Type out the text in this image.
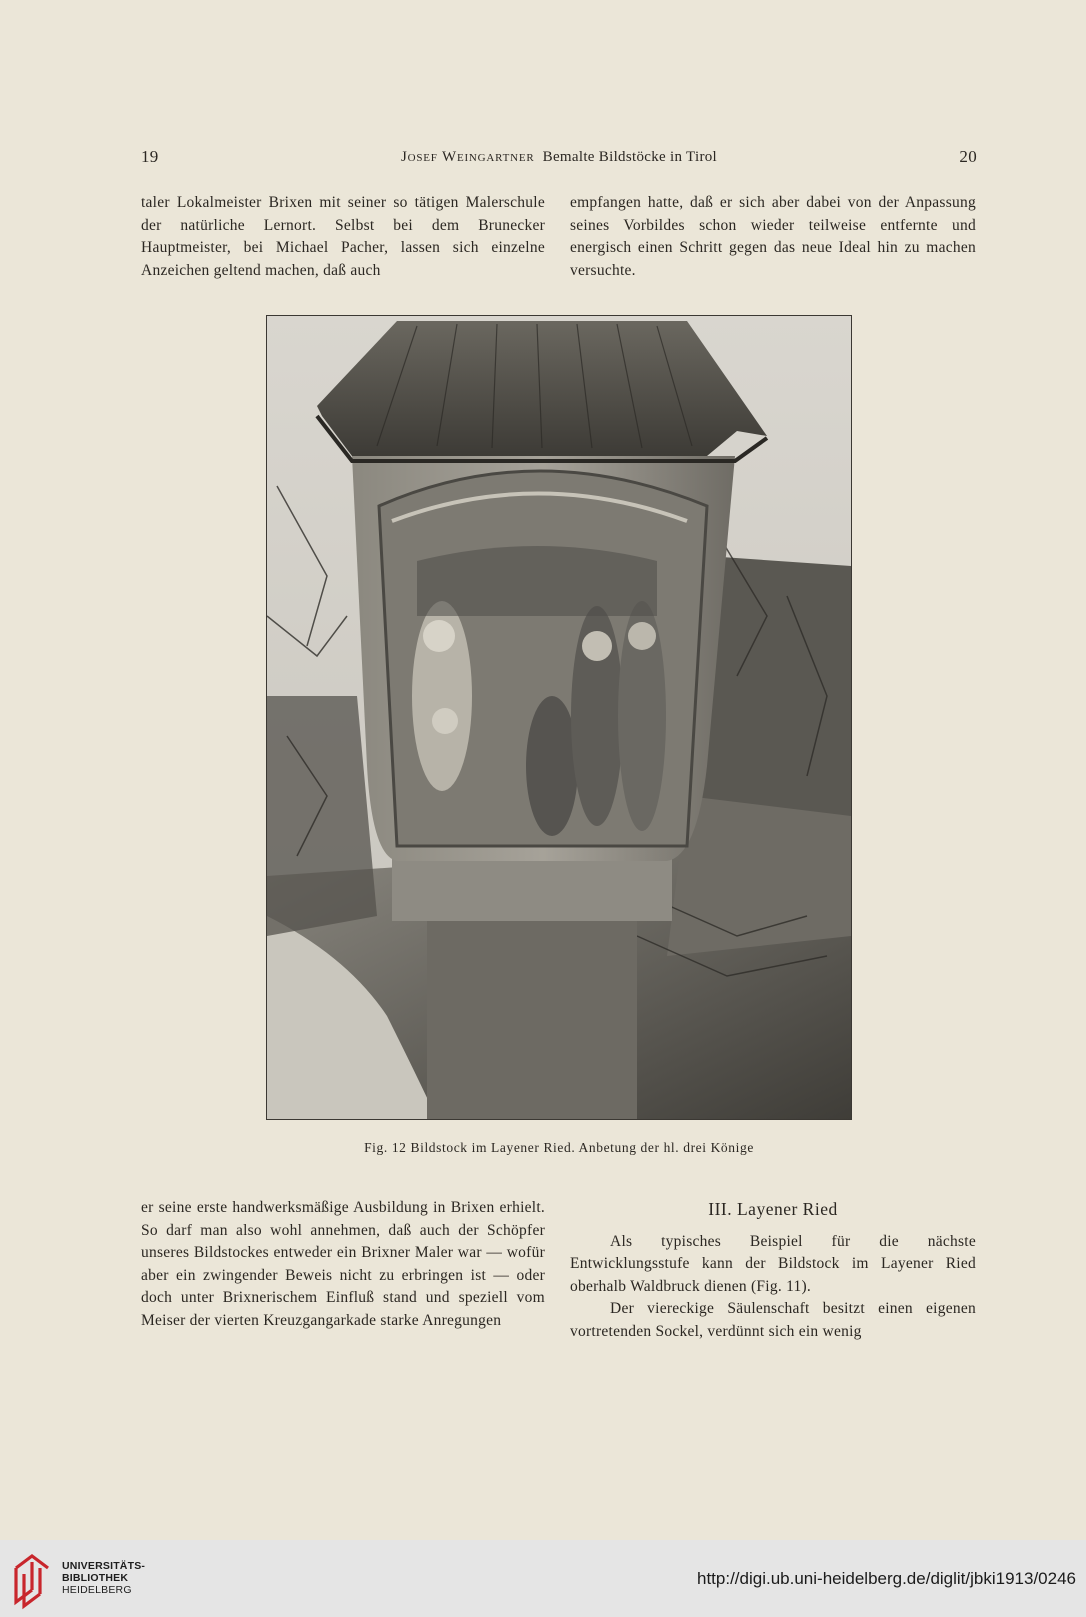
19	Josef Weingartner Bemalte Bildstöcke in Tirol	20

taler Lokalmeister Brixen mit seiner so tätigen Malerschule der natürliche Lernort. Selbst bei dem Brunecker Hauptmeister, bei Michael Pacher, lassen sich einzelne Anzeichen geltend machen, daß auch

empfangen hatte, daß er sich aber dabei von der Anpassung seines Vorbildes schon wieder teilweise entfernte und energisch einen Schritt gegen das neue Ideal hin zu machen versuchte.

Fig. 12 Bildstock im Layener Ried. Anbetung der hl. drei Könige

er seine erste handwerksmäßige Ausbildung in Brixen erhielt. So darf man also wohl annehmen, daß auch der Schöpfer unseres Bildstockes entweder ein Brixner Maler war — wofür aber ein zwingender Beweis nicht zu erbringen ist — oder doch unter Brixnerischem Einfluß stand und speziell vom Meiser der vierten Kreuzgangarkade starke Anregungen

III. Layener Ried

Als typisches Beispiel für die nächste Entwicklungsstufe kann der Bildstock im Layener Ried oberhalb Waldbruck dienen (Fig. 11).

Der viereckige Säulenschaft besitzt einen eigenen vortretenden Sockel, verdünnt sich ein wenig

UNIVERSITÄTS-
BIBLIOTHEK
HEIDELBERG
http://digi.ub.uni-heidelberg.de/diglit/jbki1913/0246
